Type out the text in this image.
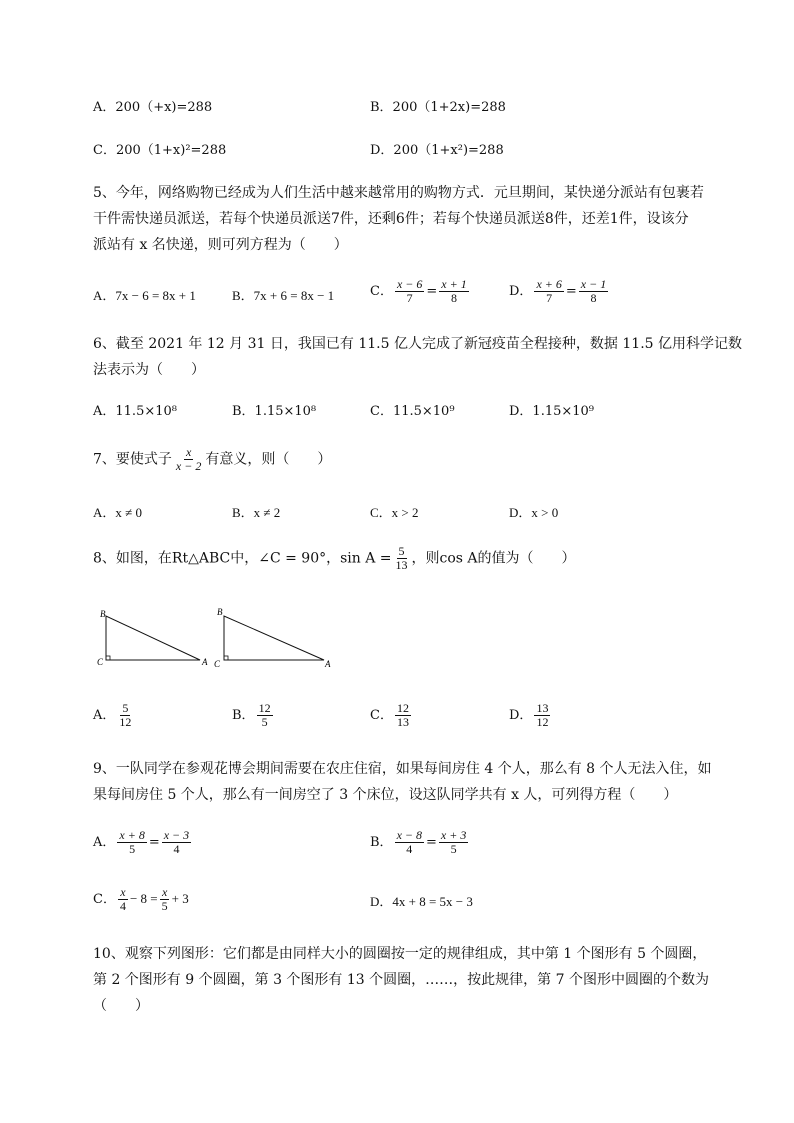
A．200（+x)=288	B．200（1+2x)=288
C．200（1+x)²=288	D．200（1+x²)=288
5、今年，网络购物已经成为人们生活中越来越常用的购物方式．元旦期间，某快递分派站有包裹若
干件需快递员派送，若每个快递员派送7件，还剩6件；若每个快递员派送8件，还差1件，设该分
派站有 x 名快递，则可列方程为（　　）
A．7x − 6 = 8x + 1	B．7x + 6 = 8x − 1	C． $\frac{x - 6}{7} = \frac{x + 1}{8}$	D． $\frac{x + 6}{7} = \frac{x - 1}{8}$
6、截至 2021 年 12 月 31 日，我国已有 11.5 亿人完成了新冠疫苗全程接种，数据 11.5 亿用科学记数
法表示为（　　）
A．11.5×10⁸	B．1.15×10⁸	C．11.5×10⁹	D．1.15×10⁹
7、要使式子 $\frac{x}{x - 2}$ 有意义，则（　　）
A．x ≠ 0	B．x ≠ 2	C．x > 2	D．x > 0
8、如图，在Rt△ABC中，∠C = 90°，$\sin A = \frac{5}{13}$ ，则cos A的值为（　　）
B
C	A
B
C	A
A． $\frac{5}{12}$	B． $\frac{12}{5}$	C． $\frac{12}{13}$	D． $\frac{13}{12}$
9、一队同学在参观花博会期间需要在农庄住宿，如果每间房住 4 个人，那么有 8 个人无法入住，如
果每间房住 5 个人，那么有一间房空了 3 个床位，设这队同学共有 x 人，可列得方程（　　）
A． $\frac{x + 8}{5} = \frac{x - 3}{4}$	B． $\frac{x - 8}{4} = \frac{x + 3}{5}$
C． $\frac{x}{4} - 8 = \frac{x}{5} + 3$	D．4x + 8 = 5x − 3
10、观察下列图形：它们都是由同样大小的圆圈按一定的规律组成，其中第 1 个图形有 5 个圆圈，
第 2 个图形有 9 个圆圈，第 3 个图形有 13 个圆圈，……，按此规律，第 7 个图形中圆圈的个数为
（　　）
